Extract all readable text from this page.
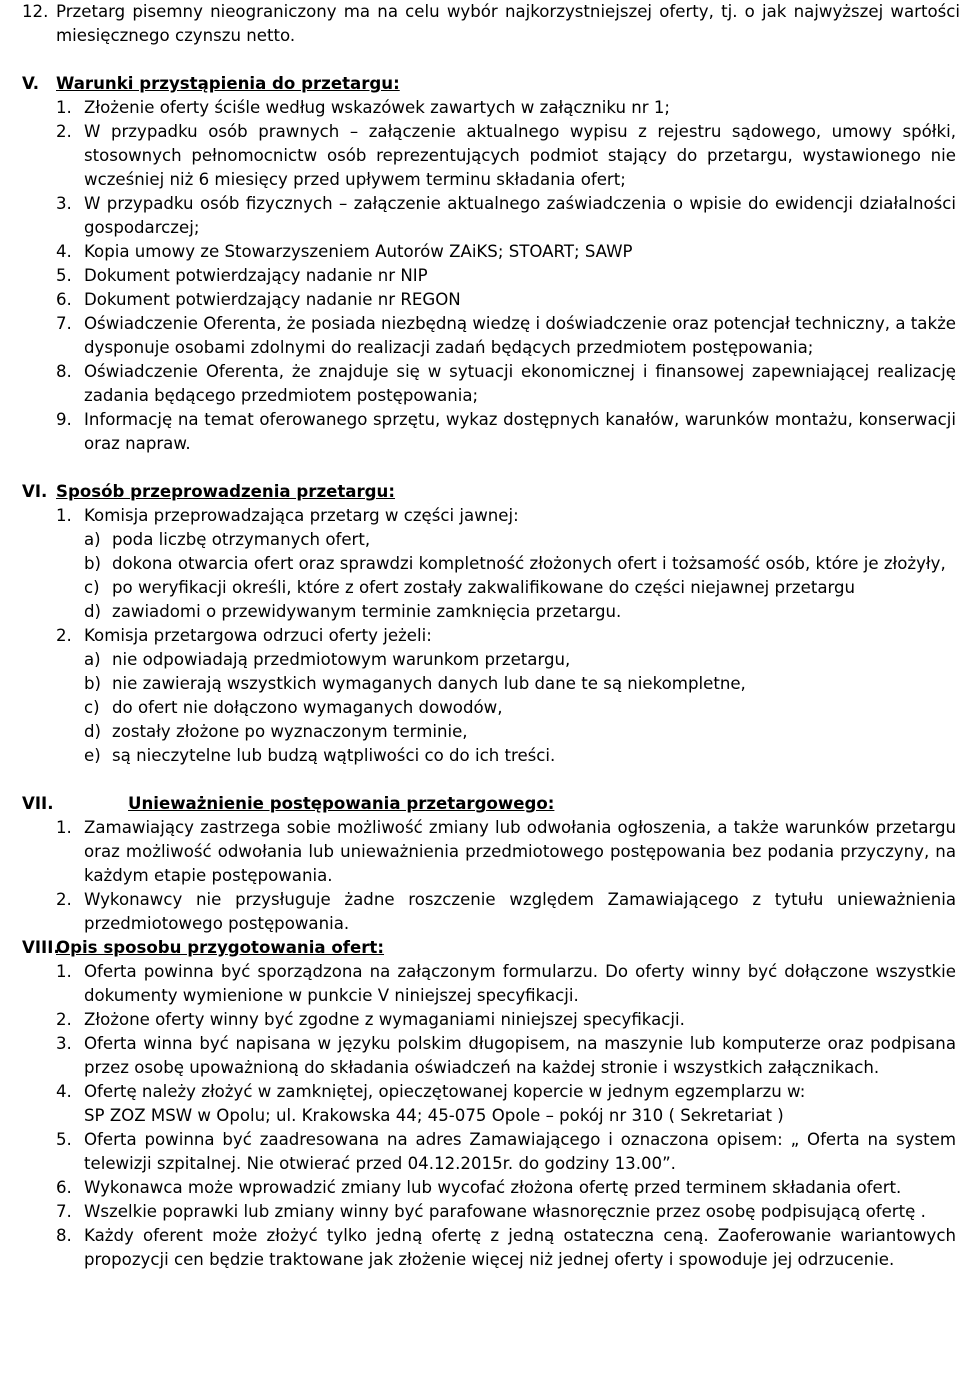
12. Przetarg pisemny nieograniczony ma na celu wybór najkorzystniejszej oferty, tj. o jak najwyższej wartości miesięcznego czynszu netto.
V. Warunki przystąpienia do przetargu:
1. Złożenie oferty ściśle według wskazówek zawartych w załączniku nr 1;
2. W przypadku osób prawnych – załączenie aktualnego wypisu z rejestru sądowego, umowy spółki, stosownych pełnomocnictw osób reprezentujących podmiot stający do przetargu, wystawionego nie wcześniej niż 6 miesięcy przed upływem terminu składania ofert;
3. W przypadku osób fizycznych – załączenie aktualnego zaświadczenia o wpisie do ewidencji działalności gospodarczej;
4. Kopia umowy ze Stowarzyszeniem Autorów ZAiKS; STOART; SAWP
5. Dokument potwierdzający nadanie nr NIP
6. Dokument potwierdzający nadanie nr REGON
7. Oświadczenie Oferenta, że posiada niezbędną wiedzę i doświadczenie oraz potencjał techniczny, a także dysponuje osobami zdolnymi do realizacji zadań będących przedmiotem postępowania;
8. Oświadczenie Oferenta, że znajduje się w sytuacji ekonomicznej i finansowej zapewniającej realizację zadania będącego przedmiotem postępowania;
9. Informację na temat oferowanego sprzętu, wykaz dostępnych kanałów, warunków montażu, konserwacji oraz napraw.
VI. Sposób przeprowadzenia przetargu:
1. Komisja przeprowadzająca przetarg w części jawnej:
a) poda liczbę otrzymanych ofert,
b) dokona otwarcia ofert oraz sprawdzi kompletność złożonych ofert i tożsamość osób, które je złożyły,
c) po weryfikacji określi, które z ofert zostały zakwalifikowane do części niejawnej przetargu
d) zawiadomi o przewidywanym terminie zamknięcia przetargu.
2. Komisja przetargowa odrzuci oferty jeżeli:
a) nie odpowiadają przedmiotowym warunkom przetargu,
b) nie zawierają wszystkich wymaganych danych lub dane te są niekompletne,
c) do ofert nie dołączono wymaganych dowodów,
d) zostały złożone po wyznaczonym terminie,
e) są nieczytelne lub budzą wątpliwości co do ich treści.
VII.	Unieważnienie postępowania przetargowego:
1. Zamawiający zastrzega sobie możliwość zmiany lub odwołania ogłoszenia, a także warunków przetargu oraz możliwość odwołania lub unieważnienia przedmiotowego postępowania bez podania przyczyny, na każdym etapie postępowania.
2. Wykonawcy nie przysługuje żadne roszczenie względem Zamawiającego z tytułu unieważnienia przedmiotowego postępowania.
VIII.
Opis sposobu przygotowania ofert:
1. Oferta powinna być sporządzona na załączonym formularzu. Do oferty winny być dołączone wszystkie dokumenty wymienione w punkcie V niniejszej specyfikacji.
2. Złożone oferty winny być zgodne z wymaganiami niniejszej specyfikacji.
3. Oferta winna być napisana w języku polskim długopisem, na maszynie lub komputerze oraz podpisana przez osobę upoważnioną do składania oświadczeń na każdej stronie i wszystkich załącznikach.
4. Ofertę należy złożyć w zamkniętej, opieczętowanej kopercie w jednym egzemplarzu w:
SP ZOZ MSW w Opolu; ul. Krakowska 44; 45-075 Opole – pokój nr 310 ( Sekretariat )
5. Oferta powinna być zaadresowana na adres Zamawiającego i oznaczona opisem: „ Oferta na system telewizji szpitalnej. Nie otwierać przed 04.12.2015r. do godziny 13.00”.
6. Wykonawca może wprowadzić zmiany lub wycofać złożona ofertę przed terminem składania ofert.
7. Wszelkie poprawki lub zmiany winny być parafowane własnoręcznie przez osobę podpisującą ofertę .
8. Każdy oferent może złożyć tylko jedną ofertę z jedną ostateczna ceną. Zaoferowanie wariantowych propozycji cen będzie traktowane jak złożenie więcej niż jednej oferty i spowoduje jej odrzucenie.
